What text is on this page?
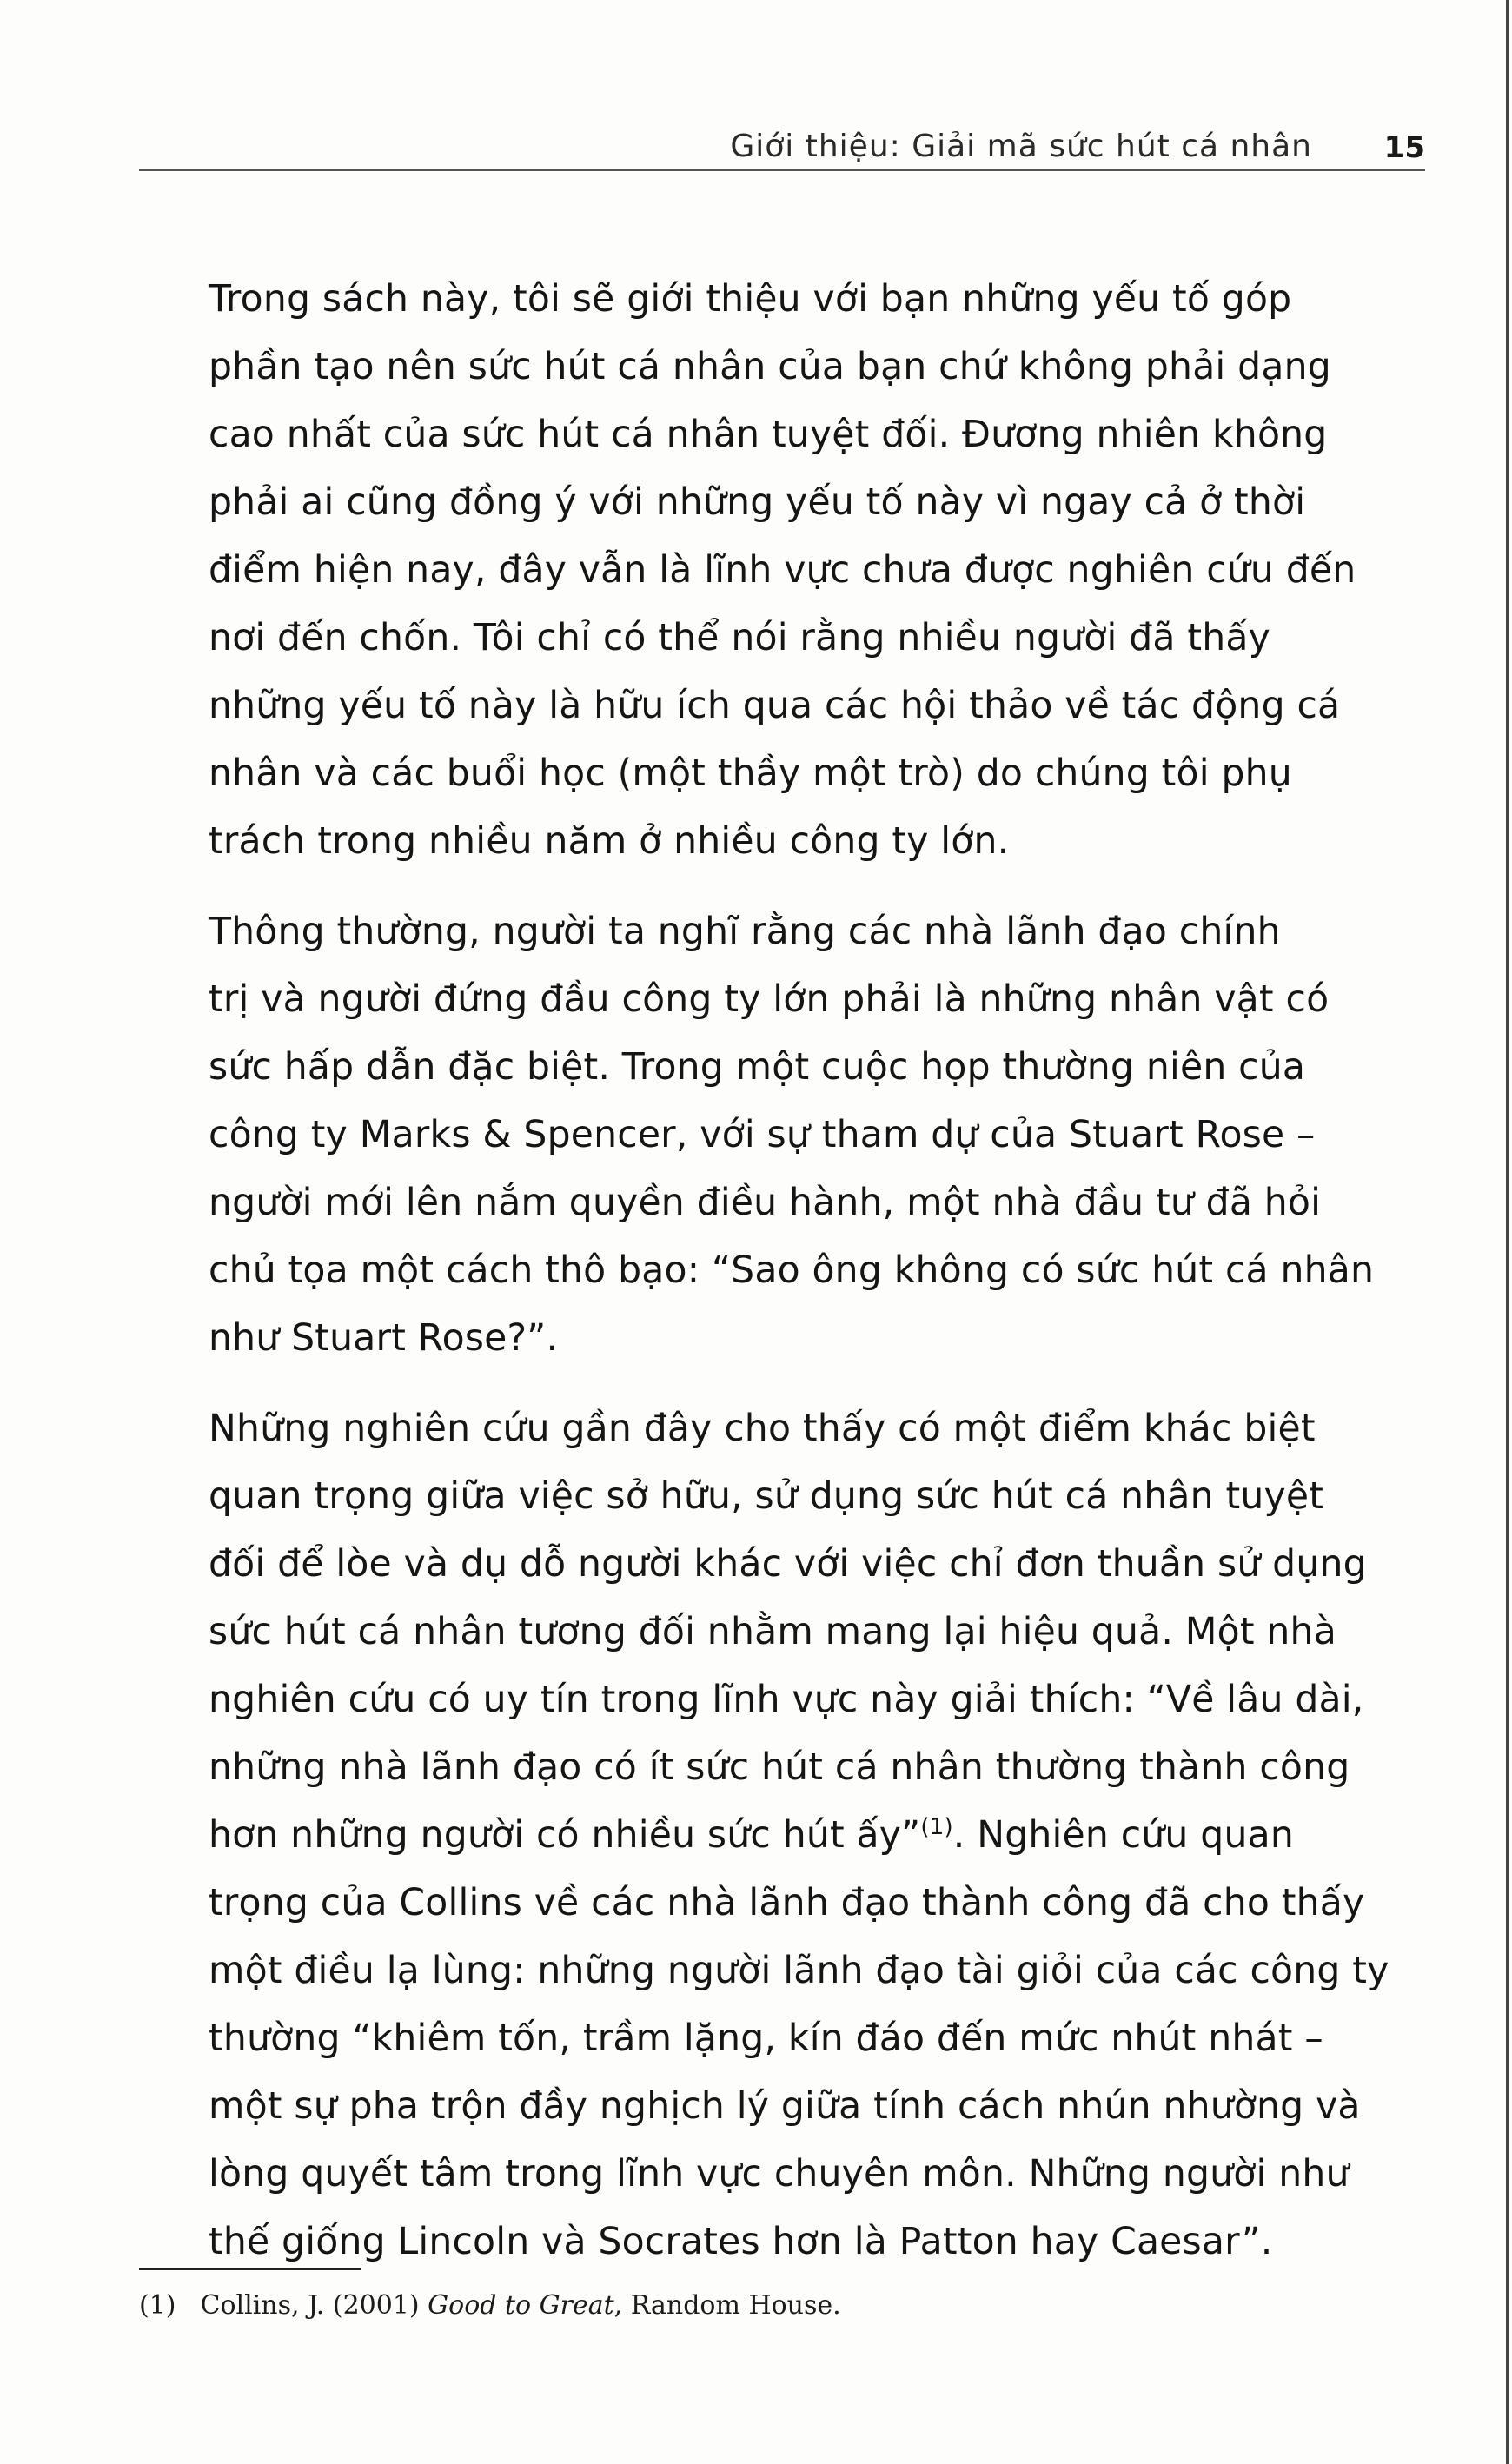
Giới thiệu: Giải mã sức hút cá nhân 15
Trong sách này, tôi sẽ giới thiệu với bạn những yếu tố góp
phần tạo nên sức hút cá nhân của bạn chứ không phải dạng
cao nhất của sức hút cá nhân tuyệt đối. Đương nhiên không
phải ai cũng đồng ý với những yếu tố này vì ngay cả ở thời
điểm hiện nay, đây vẫn là lĩnh vực chưa được nghiên cứu đến
nơi đến chốn. Tôi chỉ có thể nói rằng nhiều người đã thấy
những yếu tố này là hữu ích qua các hội thảo về tác động cá
nhân và các buổi học (một thầy một trò) do chúng tôi phụ
trách trong nhiều năm ở nhiều công ty lớn.
Thông thường, người ta nghĩ rằng các nhà lãnh đạo chính
trị và người đứng đầu công ty lớn phải là những nhân vật có
sức hấp dẫn đặc biệt. Trong một cuộc họp thường niên của
công ty Marks & Spencer, với sự tham dự của Stuart Rose –
người mới lên nắm quyền điều hành, một nhà đầu tư đã hỏi
chủ tọa một cách thô bạo: “Sao ông không có sức hút cá nhân
như Stuart Rose?”.
Những nghiên cứu gần đây cho thấy có một điểm khác biệt
quan trọng giữa việc sở hữu, sử dụng sức hút cá nhân tuyệt
đối để lòe và dụ dỗ người khác với việc chỉ đơn thuần sử dụng
sức hút cá nhân tương đối nhằm mang lại hiệu quả. Một nhà
nghiên cứu có uy tín trong lĩnh vực này giải thích: “Về lâu dài,
những nhà lãnh đạo có ít sức hút cá nhân thường thành công
hơn những người có nhiều sức hút ấy”$^{(1)}$. Nghiên cứu quan
trọng của Collins về các nhà lãnh đạo thành công đã cho thấy
một điều lạ lùng: những người lãnh đạo tài giỏi của các công ty
thường “khiêm tốn, trầm lặng, kín đáo đến mức nhút nhát –
một sự pha trộn đầy nghịch lý giữa tính cách nhún nhường và
lòng quyết tâm trong lĩnh vực chuyên môn. Những người như
thế giống Lincoln và Socrates hơn là Patton hay Caesar”.
(1) Collins, J. (2001) Good to Great, Random House.
